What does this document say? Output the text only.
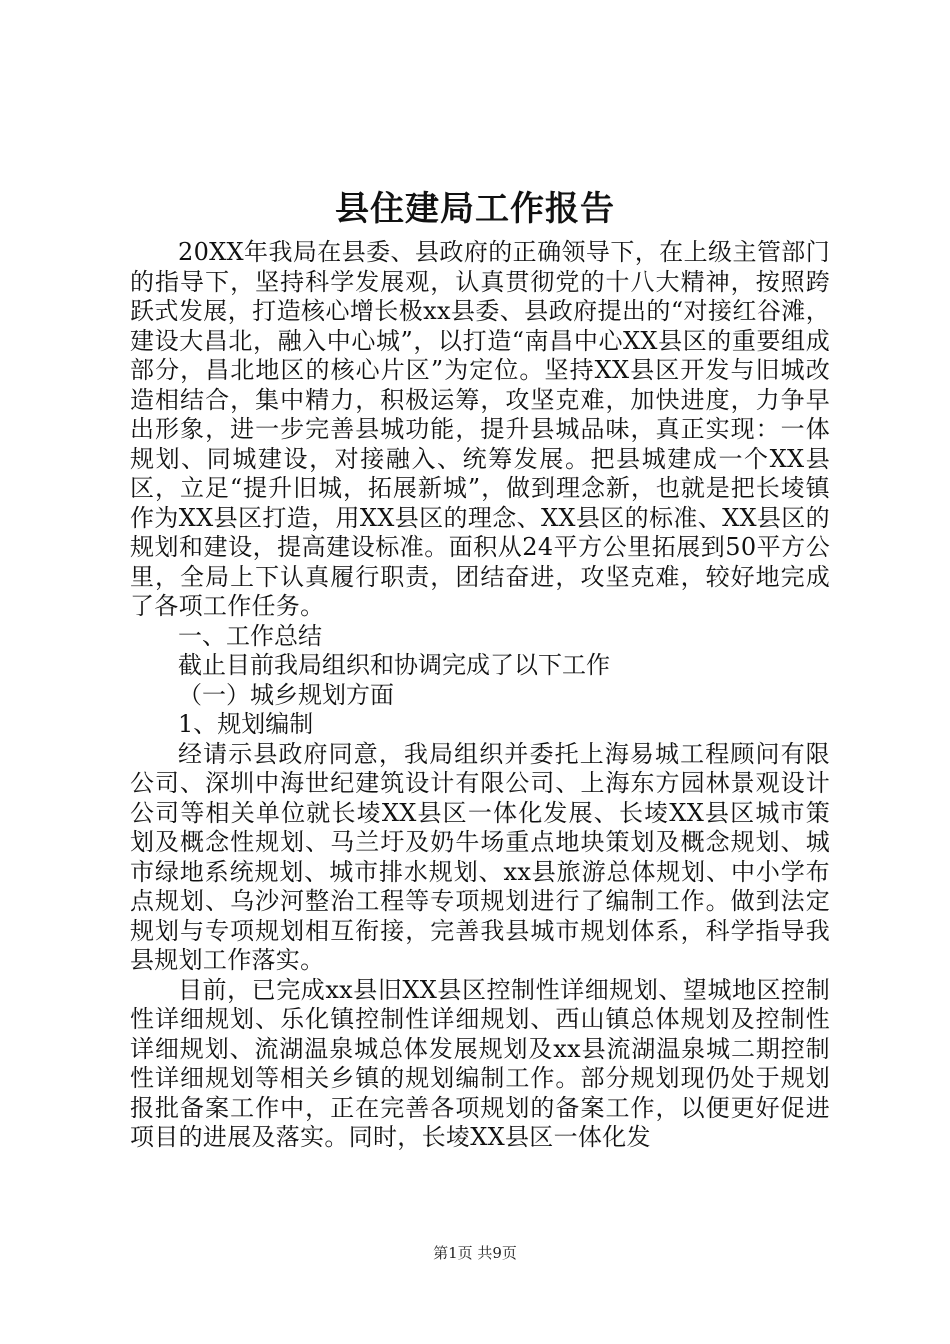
县住建局工作报告

20XX年我局在县委、县政府的正确领导下，在上级主管部门的指导下，坚持科学发展观，认真贯彻党的十八大精神，按照跨跃式发展，打造核心增长极xx县委、县政府提出的“对接红谷滩，建设大昌北，融入中心城”，以打造“南昌中心XX县区的重要组成部分，昌北地区的核心片区”为定位。坚持XX县区开发与旧城改造相结合，集中精力，积极运筹，攻坚克难，加快进度，力争早出形象，进一步完善县城功能，提升县城品味，真正实现：一体规划、同城建设，对接融入、统筹发展。把县城建成一个XX县区，立足“提升旧城，拓展新城”，做到理念新，也就是把长堎镇作为XX县区打造，用XX县区的理念、XX县区的标准、XX县区的规划和建设，提高建设标准。面积从24平方公里拓展到50平方公里，全局上下认真履行职责，团结奋进，攻坚克难，较好地完成了各项工作任务。

一、工作总结

截止目前我局组织和协调完成了以下工作

（一）城乡规划方面

1、规划编制

经请示县政府同意，我局组织并委托上海易城工程顾问有限公司、深圳中海世纪建筑设计有限公司、上海东方园林景观设计公司等相关单位就长堎XX县区一体化发展、长堎XX县区城市策划及概念性规划、马兰圩及奶牛场重点地块策划及概念规划、城市绿地系统规划、城市排水规划、xx县旅游总体规划、中小学布点规划、乌沙河整治工程等专项规划进行了编制工作。做到法定规划与专项规划相互衔接，完善我县城市规划体系，科学指导我县规划工作落实。

目前，已完成xx县旧XX县区控制性详细规划、望城地区控制性详细规划、乐化镇控制性详细规划、西山镇总体规划及控制性详细规划、流湖温泉城总体发展规划及xx县流湖温泉城二期控制性详细规划等相关乡镇的规划编制工作。部分规划现仍处于规划报批备案工作中，正在完善各项规划的备案工作，以便更好促进项目的进展及落实。同时，长堎XX县区一体化发

第1页 共9页
